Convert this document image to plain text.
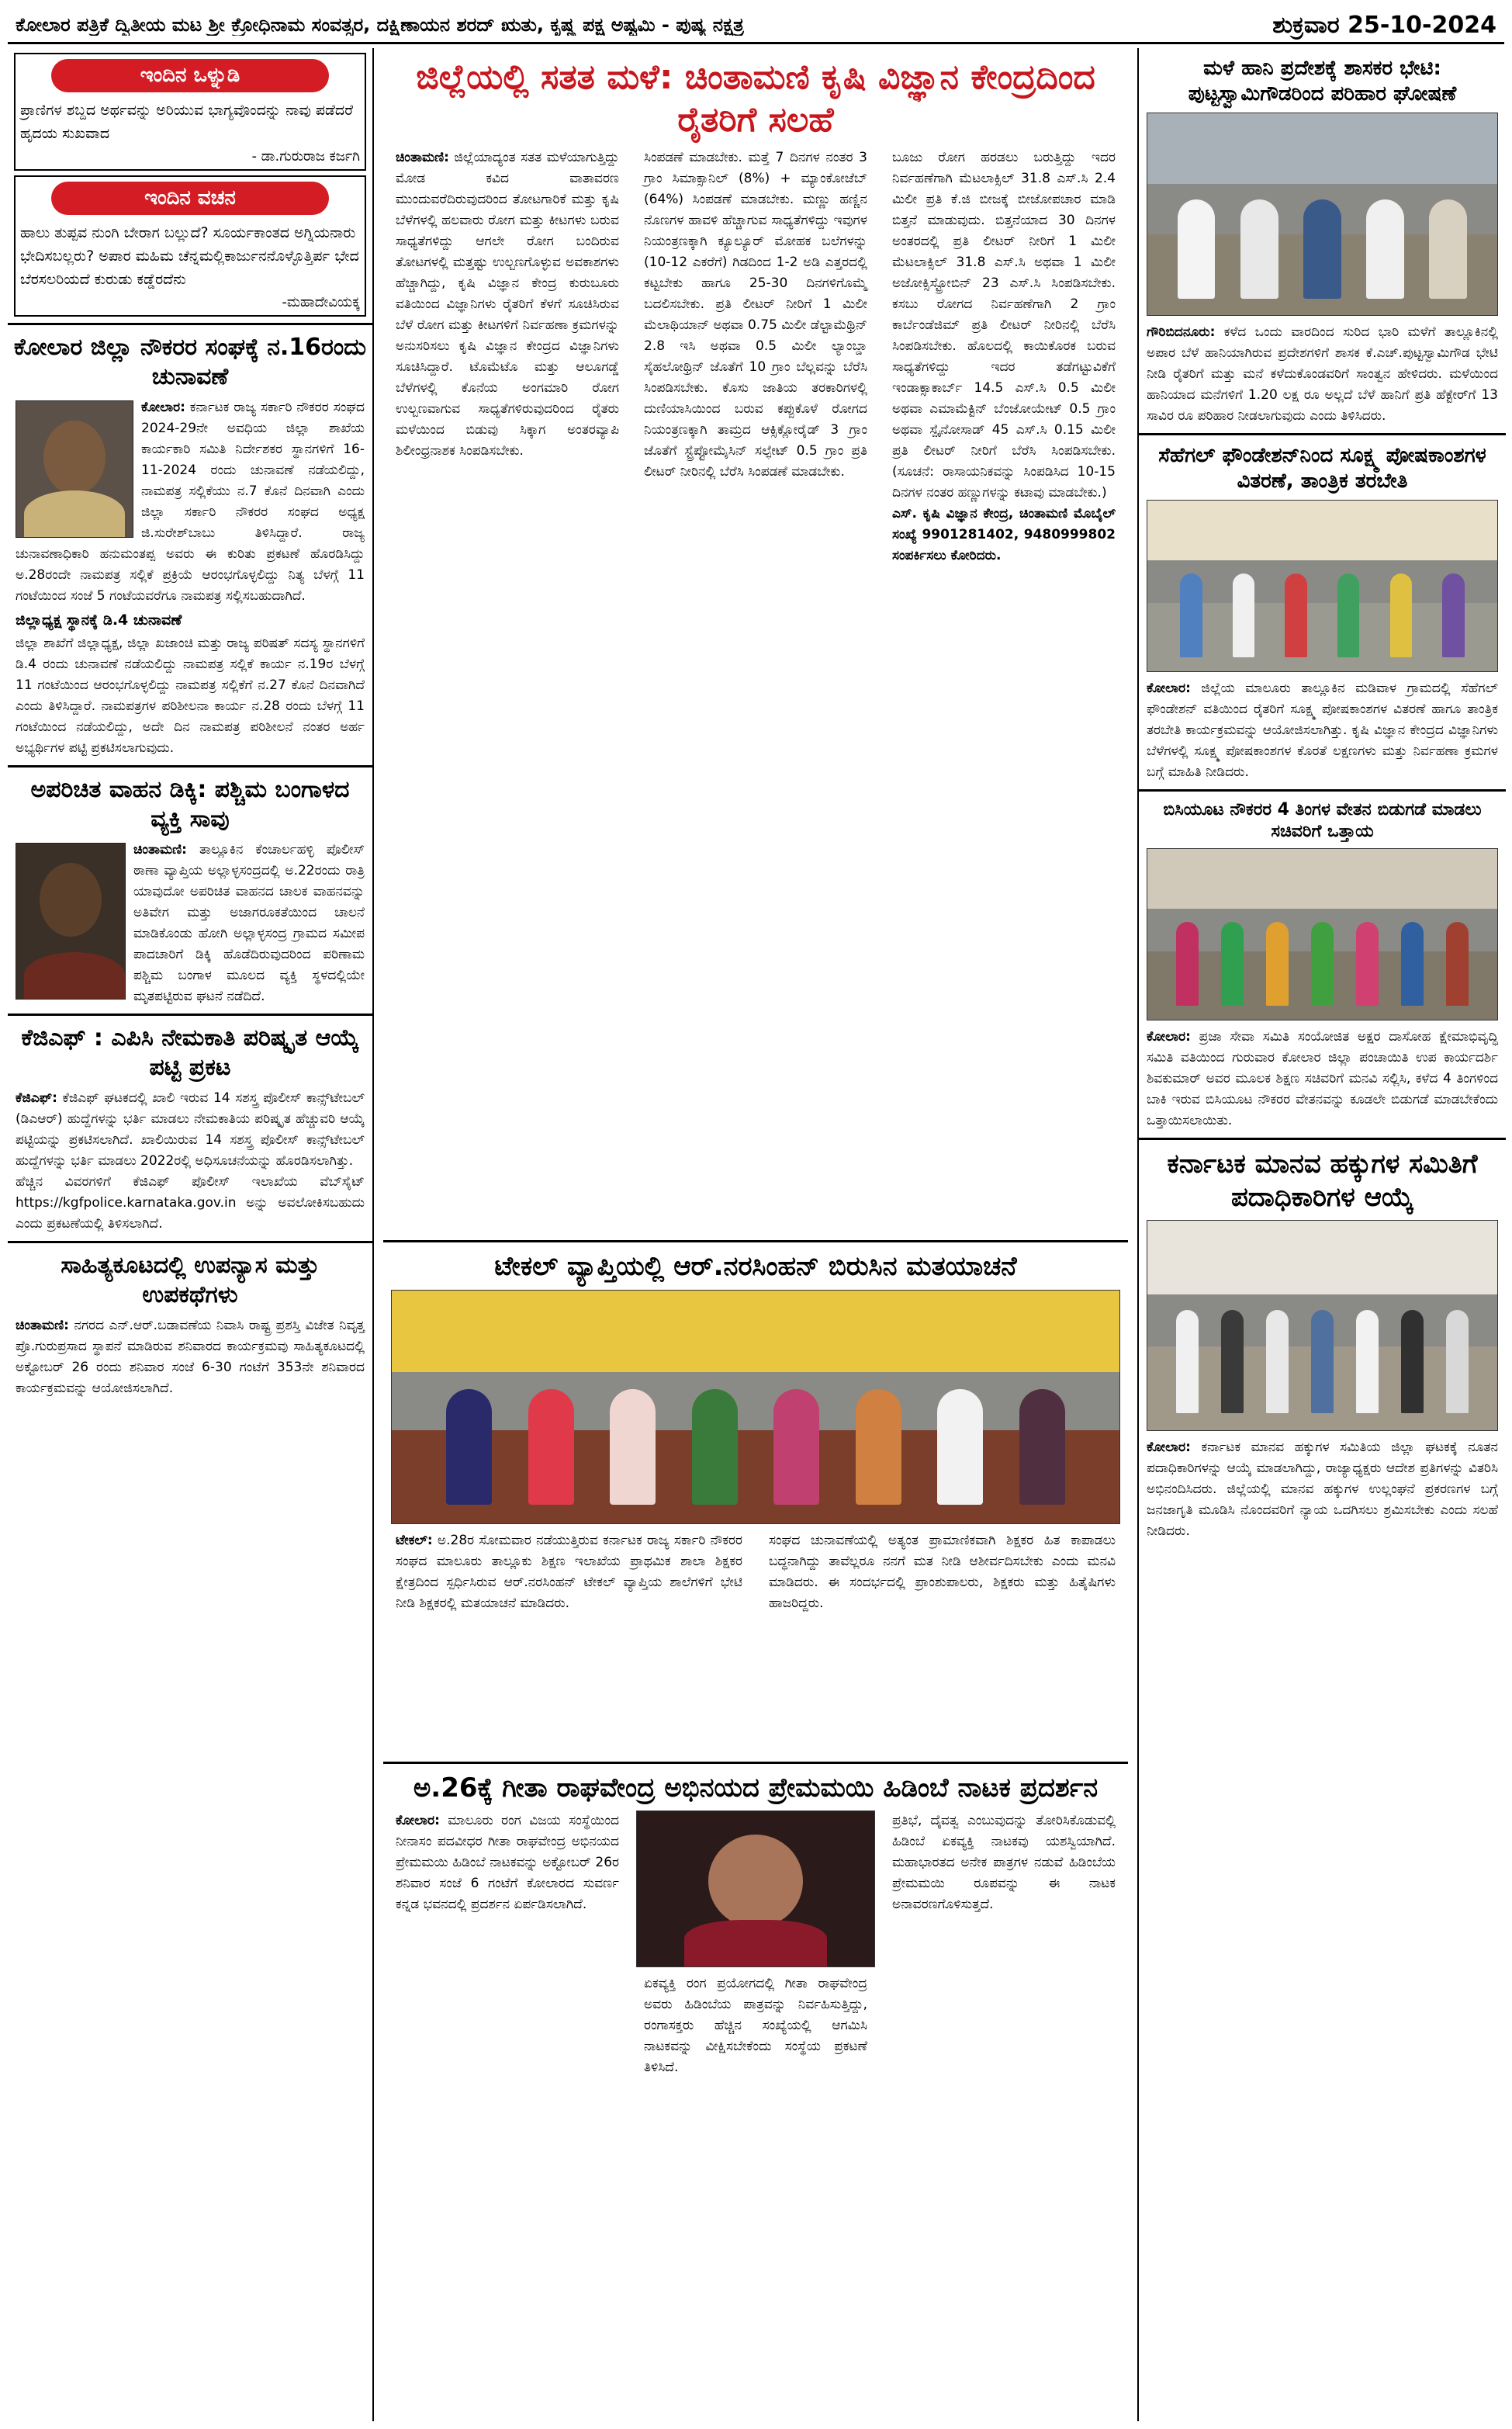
ಕೋಲಾರ ಪತ್ರಿಕೆ ದ್ವಿತೀಯ ಮಟ ಶ್ರೀ ಕ್ರೋಧಿನಾಮ ಸಂವತ್ಸರ, ದಕ್ಷಿಣಾಯನ ಶರದ್ ಋತು, ಕೃಷ್ಣ ಪಕ್ಷ ಅಷ್ಟಮಿ - ಪುಷ್ಯ ನಕ್ಷತ್ರ	ಶುಕ್ರವಾರ 25-10-2024
ಇಂದಿನ ಒಳ್ನುಡಿ
ಪ್ರಾಣಿಗಳ ಶಬ್ದದ ಅರ್ಥವನ್ನು ಅರಿಯುವ ಭಾಗ್ಯವೊಂದನ್ನು ನಾವು ಪಡೆದರೆ ಹೃದಯ ಸುಖವಾದ
- ಡಾ.ಗುರುರಾಜ ಕರ್ಜಗಿ
ಇಂದಿನ ವಚನ
ಹಾಲು ತುಪ್ಪವ ನುಂಗಿ ಬೇರಾಗ ಬಲ್ಲುದೆ? ಸೂರ್ಯಕಾಂತದ ಅಗ್ನಿಯನಾರು ಭೇದಿಸಬಲ್ಲರು? ಅಪಾರ ಮಹಿಮ ಚೆನ್ನಮಲ್ಲಿಕಾರ್ಜುನನೊಳ್ಳೊತ್ತಿರ್ಪ ಭೇದ ಬೆರಸಲರಿಯದೆ ಕುರುಡು ಕಡ್ಡೆರದೆನು
-ಮಹಾದೇವಿಯಕ್ಕ
ಕೋಲಾರ ಜಿಲ್ಲಾ ನೌಕರರ ಸಂಘಕ್ಕೆ ನ.16ರಂದು ಚುನಾವಣೆ

ಕೋಲಾರ: ಕರ್ನಾಟಕ ರಾಜ್ಯ ಸರ್ಕಾರಿ ನೌಕರರ ಸಂಘದ 2024-29ನೇ ಅವಧಿಯ ಜಿಲ್ಲಾ ಶಾಖೆಯ ಕಾರ್ಯಕಾರಿ ಸಮಿತಿ ನಿರ್ದೇಶಕರ ಸ್ಥಾನಗಳಿಗೆ 16-11-2024 ರಂದು ಚುನಾವಣೆ ನಡೆಯಲಿದ್ದು, ನಾಮಪತ್ರ ಸಲ್ಲಿಕೆಯು ನ.7 ಕೊನೆ ದಿನವಾಗಿ ಎಂದು ಜಿಲ್ಲಾ ಸರ್ಕಾರಿ ನೌಕರರ ಸಂಘದ ಅಧ್ಯಕ್ಷ ಜಿ.ಸುರೇಶ್‌ಬಾಬು ತಿಳಿಸಿದ್ದಾರೆ. ರಾಜ್ಯ ಚುನಾವಣಾಧಿಕಾರಿ ಹನುಮಂತಪ್ಪ ಅವರು ಈ ಕುರಿತು ಪ್ರಕಟಣೆ ಹೊರಡಿಸಿದ್ದು ಅ.28ರಂದೇ ನಾಮಪತ್ರ ಸಲ್ಲಿಕೆ ಪ್ರಕ್ರಿಯೆ ಆರಂಭಗೊಳ್ಳಲಿದ್ದು ನಿತ್ಯ ಬೆಳಗ್ಗೆ 11 ಗಂಟೆಯಿಂದ ಸಂಜೆ 5 ಗಂಟೆಯವರೆಗೂ ನಾಮಪತ್ರ ಸಲ್ಲಿಸಬಹುದಾಗಿದೆ.

ಜಿಲ್ಲಾಧ್ಯಕ್ಷ ಸ್ಥಾನಕ್ಕೆ ಡಿ.4 ಚುನಾವಣೆ

ಜಿಲ್ಲಾ ಶಾಖೆಗೆ ಜಿಲ್ಲಾಧ್ಯಕ್ಷ, ಜಿಲ್ಲಾ ಖಜಾಂಚಿ ಮತ್ತು ರಾಜ್ಯ ಪರಿಷತ್ ಸದಸ್ಯ ಸ್ಥಾನಗಳಿಗೆ ಡಿ.4 ರಂದು ಚುನಾವಣೆ ನಡೆಯಲಿದ್ದು ನಾಮಪತ್ರ ಸಲ್ಲಿಕೆ ಕಾರ್ಯ ನ.19ರ ಬೆಳಗ್ಗೆ 11 ಗಂಟೆಯಿಂದ ಆರಂಭಗೊಳ್ಳಲಿದ್ದು ನಾಮಪತ್ರ ಸಲ್ಲಿಕೆಗೆ ನ.27 ಕೊನೆ ದಿನವಾಗಿದೆ ಎಂದು ತಿಳಿಸಿದ್ದಾರೆ. ನಾಮಪತ್ರಗಳ ಪರಿಶೀಲನಾ ಕಾರ್ಯ ನ.28 ರಂದು ಬೆಳಗ್ಗೆ 11 ಗಂಟೆಯಿಂದ ನಡೆಯಲಿದ್ದು, ಅದೇ ದಿನ ನಾಮಪತ್ರ ಪರಿಶೀಲನೆ ನಂತರ ಅರ್ಹ ಅಭ್ಯರ್ಥಿಗಳ ಪಟ್ಟಿ ಪ್ರಕಟಿಸಲಾಗುವುದು.

ಅಪರಿಚಿತ ವಾಹನ ಡಿಕ್ಕಿ: ಪಶ್ಚಿಮ ಬಂಗಾಳದ ವ್ಯಕ್ತಿ ಸಾವು

ಚಿಂತಾಮಣಿ: ತಾಲ್ಲೂಕಿನ ಕೆಂಚಾರ್ಲಹಳ್ಳಿ ಪೊಲೀಸ್ ಠಾಣಾ ವ್ಯಾಪ್ತಿಯ ಅಲ್ಲಾಳ್ಳಸಂದ್ರದಲ್ಲಿ ಅ.22ರಂದು ರಾತ್ರಿ ಯಾವುದೋ ಅಪರಿಚಿತ ವಾಹನದ ಚಾಲಕ ವಾಹನವನ್ನು ಅತಿವೇಗ ಮತ್ತು ಅಜಾಗರೂಕತೆಯಿಂದ ಚಾಲನೆ ಮಾಡಿಕೊಂಡು ಹೋಗಿ ಅಲ್ಲಾಳ್ಳಸಂದ್ರ ಗ್ರಾಮದ ಸಮೀಪ ಪಾದಚಾರಿಗೆ ಡಿಕ್ಕಿ ಹೊಡೆದಿರುವುದರಿಂದ ಪರಿಣಾಮ ಪಶ್ಚಿಮ ಬಂಗಾಳ ಮೂಲದ ವ್ಯಕ್ತಿ ಸ್ಥಳದಲ್ಲಿಯೇ ಮೃತಪಟ್ಟಿರುವ ಘಟನೆ ನಡೆದಿದೆ.

ಕೆಜಿಎಫ್ : ಎಪಿಸಿ ನೇಮಕಾತಿ ಪರಿಷ್ಕೃತ ಆಯ್ಕೆ ಪಟ್ಟಿ ಪ್ರಕಟ

ಕೆಜಿಎಫ್: ಕೆಜಿಎಫ್ ಘಟಕದಲ್ಲಿ ಖಾಲಿ ಇರುವ 14 ಸಶಸ್ತ್ರ ಪೊಲೀಸ್ ಕಾನ್ಸ್‌ಟೇಬಲ್ (ಡಿಎಆರ್) ಹುದ್ದೆಗಳನ್ನು ಭರ್ತಿ ಮಾಡಲು ನೇಮಕಾತಿಯ ಪರಿಷ್ಕೃತ ಹೆಚ್ಚುವರಿ ಆಯ್ಕೆ ಪಟ್ಟಿಯನ್ನು ಪ್ರಕಟಿಸಲಾಗಿದೆ. ಖಾಲಿಯಿರುವ 14 ಸಶಸ್ತ್ರ ಪೊಲೀಸ್ ಕಾನ್ಸ್‌ಟೇಬಲ್ ಹುದ್ದೆಗಳನ್ನು ಭರ್ತಿ ಮಾಡಲು 2022ರಲ್ಲಿ ಅಧಿಸೂಚನೆಯನ್ನು ಹೊರಡಿಸಲಾಗಿತ್ತು.

ಹೆಚ್ಚಿನ ವಿವರಗಳಿಗೆ ಕೆಜಿಎಫ್ ಪೊಲೀಸ್ ಇಲಾಖೆಯ ವೆಬ್‌ಸೈಟ್ https://kgfpolice.karnataka.gov.in ಅನ್ನು ಅವಲೋಕಿಸಬಹುದು ಎಂದು ಪ್ರಕಟಣೆಯಲ್ಲಿ ತಿಳಿಸಲಾಗಿದೆ.

ಸಾಹಿತ್ಯಕೂಟದಲ್ಲಿ ಉಪನ್ಯಾಸ ಮತ್ತು ಉಪಕಥೆಗಳು

ಚಿಂತಾಮಣಿ: ನಗರದ ಎನ್.ಆರ್.ಬಡಾವಣೆಯ ನಿವಾಸಿ ರಾಷ್ಟ್ರ ಪ್ರಶಸ್ತಿ ವಿಜೇತ ನಿವೃತ್ತ ಪ್ರೊ.ಗುರುಪ್ರಸಾದ ಸ್ಥಾಪನೆ ಮಾಡಿರುವ ಶನಿವಾರದ ಕಾರ್ಯಕ್ರಮವು ಸಾಹಿತ್ಯಕೂಟದಲ್ಲಿ ಅಕ್ಟೋಬರ್ 26 ರಂದು ಶನಿವಾರ ಸಂಜೆ 6-30 ಗಂಟೆಗೆ 353ನೇ ಶನಿವಾರದ ಕಾರ್ಯಕ್ರಮವನ್ನು ಆಯೋಜಿಸಲಾಗಿದೆ.

ಜಿಲ್ಲೆಯಲ್ಲಿ ಸತತ ಮಳೆ: ಚಿಂತಾಮಣಿ ಕೃಷಿ ವಿಜ್ಞಾನ ಕೇಂದ್ರದಿಂದ ರೈತರಿಗೆ ಸಲಹೆ

ಚಿಂತಾಮಣಿ: ಜಿಲ್ಲೆಯಾದ್ಯಂತ ಸತತ ಮಳೆಯಾಗುತ್ತಿದ್ದು ಮೋಡ ಕವಿದ ವಾತಾವರಣ ಮುಂದುವರೆದಿರುವುದರಿಂದ ತೋಟಗಾರಿಕೆ ಮತ್ತು ಕೃಷಿ ಬೆಳೆಗಳಲ್ಲಿ ಹಲವಾರು ರೋಗ ಮತ್ತು ಕೀಟಗಳು ಬರುವ ಸಾಧ್ಯತೆಗಳಿದ್ದು ಆಗಲೇ ರೋಗ ಬಂದಿರುವ ತೋಟಗಳಲ್ಲಿ ಮತ್ತಷ್ಟು ಉಲ್ಬಣಗೊಳ್ಳುವ ಅವಕಾಶಗಳು ಹೆಚ್ಚಾಗಿದ್ದು, ಕೃಷಿ ವಿಜ್ಞಾನ ಕೇಂದ್ರ ಕುರುಬೂರು ವತಿಯಿಂದ ವಿಜ್ಞಾನಿಗಳು ರೈತರಿಗೆ ಕೆಳಗೆ ಸೂಚಿಸಿರುವ ಬೆಳೆ ರೋಗ ಮತ್ತು ಕೀಟಗಳಿಗೆ ನಿರ್ವಹಣಾ ಕ್ರಮಗಳನ್ನು ಅನುಸರಿಸಲು ಕೃಷಿ ವಿಜ್ಞಾನ ಕೇಂದ್ರದ ವಿಜ್ಞಾನಿಗಳು ಸೂಚಿಸಿದ್ದಾರೆ. ಟೊಮೆಟೊ ಮತ್ತು ಆಲೂಗಡ್ಡೆ ಬೆಳೆಗಳಲ್ಲಿ ಕೊನೆಯ ಅಂಗಮಾರಿ ರೋಗ ಉಲ್ಬಣವಾಗುವ ಸಾಧ್ಯತೆಗಳಿರುವುದರಿಂದ ರೈತರು ಮಳೆಯಿಂದ ಬಿಡುವು ಸಿಕ್ಕಾಗ ಅಂತರವ್ಯಾಪಿ ಶಿಲೀಂಧ್ರನಾಶಕ ಸಿಂಪಡಿಸಬೇಕು.

ಸಿಂಪಡಣೆ ಮಾಡಬೇಕು. ಮತ್ತೆ 7 ದಿನಗಳ ನಂತರ 3 ಗ್ರಾಂ ಸಿಮಾಕ್ಸಾನಿಲ್ (8%) + ಮ್ಯಾಂಕೋಜೆಬ್ (64%) ಸಿಂಪಡಣೆ ಮಾಡಬೇಕು. ಮಣ್ಣು ಹಣ್ಣಿನ ನೊಣಗಳ ಹಾವಳಿ ಹೆಚ್ಚಾಗುವ ಸಾಧ್ಯತೆಗಳಿದ್ದು ಇವುಗಳ ನಿಯಂತ್ರಣಕ್ಕಾಗಿ ಕ್ಯೂಲ್ಯೂರ್ ಮೋಹಕ ಬಲೆಗಳನ್ನು (10-12 ಎಕರೆಗೆ) ಗಿಡದಿಂದ 1-2 ಅಡಿ ಎತ್ತರದಲ್ಲಿ ಕಟ್ಟಬೇಕು ಹಾಗೂ 25-30 ದಿನಗಳಿಗೊಮ್ಮೆ ಬದಲಿಸಬೇಕು. ಪ್ರತಿ ಲೀಟರ್ ನೀರಿಗೆ 1 ಮಿಲೀ ಮೆಲಾಥಿಯಾನ್ ಅಥವಾ 0.75 ಮಿಲೀ ಡೆಲ್ಟಾಮೆಥ್ರಿನ್ 2.8 ಇಸಿ ಅಥವಾ 0.5 ಮಿಲೀ ಲ್ಯಾಂಬ್ಡಾ ಸೈಹಲೋಥ್ರಿನ್ ಜೊತೆಗೆ 10 ಗ್ರಾಂ ಬೆಲ್ಲವನ್ನು ಬೆರೆಸಿ ಸಿಂಪಡಿಸಬೇಕು. ಕೊಸು ಜಾತಿಯ ತರಕಾರಿಗಳಲ್ಲಿ ದುಣಿಯಾಸಿಯಿಂದ ಬರುವ ಕಪ್ಪುಕೊಳೆ ರೋಗದ ನಿಯಂತ್ರಣಕ್ಕಾಗಿ ತಾಮ್ರದ ಆಕ್ಸಿಕ್ಲೋರೈಡ್ 3 ಗ್ರಾಂ ಜೊತೆಗೆ ಸ್ಟ್ರೆಪ್ಟೋಮೈಸಿನ್ ಸಲ್ಫೇಟ್ 0.5 ಗ್ರಾಂ ಪ್ರತಿ ಲೀಟರ್ ನೀರಿನಲ್ಲಿ ಬೆರೆಸಿ ಸಿಂಪಡಣೆ ಮಾಡಬೇಕು.

ಬೂಜು ರೋಗ ಹರಡಲು ಬರುತ್ತಿದ್ದು ಇದರ ನಿರ್ವಹಣೆಗಾಗಿ ಮೆಟಲಾಕ್ಸಿಲ್ 31.8 ಎಸ್.ಸಿ 2.4 ಮಿಲೀ ಪ್ರತಿ ಕೆ.ಜಿ ಬೀಜಕ್ಕೆ ಬೀಜೋಪಚಾರ ಮಾಡಿ ಬಿತ್ತನೆ ಮಾಡುವುದು. ಬಿತ್ತನೆಯಾದ 30 ದಿನಗಳ ಅಂತರದಲ್ಲಿ ಪ್ರತಿ ಲೀಟರ್ ನೀರಿಗೆ 1 ಮಿಲೀ ಮೆಟಲಾಕ್ಸಿಲ್ 31.8 ಎಸ್.ಸಿ ಅಥವಾ 1 ಮಿಲೀ ಅಜೋಕ್ಸಿಸ್ಟ್ರೋಬಿನ್ 23 ಎಸ್.ಸಿ ಸಿಂಪಡಿಸಬೇಕು. ಕಸಬು ರೋಗದ ನಿರ್ವಹಣೆಗಾಗಿ 2 ಗ್ರಾಂ ಕಾರ್ಬೆಂಡೆಜಿಮ್ ಪ್ರತಿ ಲೀಟರ್ ನೀರಿನಲ್ಲಿ ಬೆರೆಸಿ ಸಿಂಪಡಿಸಬೇಕು. ಹೊಲದಲ್ಲಿ ಕಾಯಿಕೊರಕ ಬರುವ ಸಾಧ್ಯತೆಗಳಿದ್ದು ಇದರ ತಡೆಗಟ್ಟುವಿಕೆಗೆ ಇಂಡಾಕ್ಸಾಕಾರ್ಬ್ 14.5 ಎಸ್.ಸಿ 0.5 ಮಿಲೀ ಅಥವಾ ಎಮಾಮೆಕ್ಟಿನ್ ಬೆಂಜೋಯೇಟ್ 0.5 ಗ್ರಾಂ ಅಥವಾ ಸ್ಪೈನೋಸಾಡ್ 45 ಎಸ್.ಸಿ 0.15 ಮಿಲೀ ಪ್ರತಿ ಲೀಟರ್ ನೀರಿಗೆ ಬೆರೆಸಿ ಸಿಂಪಡಿಸಬೇಕು. (ಸೂಚನೆ: ರಾಸಾಯನಿಕವನ್ನು ಸಿಂಪಡಿಸಿದ 10-15 ದಿನಗಳ ನಂತರ ಹಣ್ಣುಗಳನ್ನು ಕಟಾವು ಮಾಡಬೇಕು.)

ಎಸ್. ಕೃಷಿ ವಿಜ್ಞಾನ ಕೇಂದ್ರ, ಚಿಂತಾಮಣಿ ಮೊಬೈಲ್ ಸಂಖ್ಯೆ 9901281402, 9480999802 ಸಂಪರ್ಕಿಸಲು ಕೋರಿದರು.

ಟೇಕಲ್ ವ್ಯಾಪ್ತಿಯಲ್ಲಿ ಆರ್.ನರಸಿಂಹನ್ ಬಿರುಸಿನ ಮತಯಾಚನೆ

ಟೇಕಲ್: ಅ.28ರ ಸೋಮವಾರ ನಡೆಯುತ್ತಿರುವ ಕರ್ನಾಟಕ ರಾಜ್ಯ ಸರ್ಕಾರಿ ನೌಕರರ ಸಂಘದ ಮಾಲೂರು ತಾಲ್ಲೂಕು ಶಿಕ್ಷಣ ಇಲಾಖೆಯ ಪ್ರಾಥಮಿಕ ಶಾಲಾ ಶಿಕ್ಷಕರ ಕ್ಷೇತ್ರದಿಂದ ಸ್ಪರ್ಧಿಸಿರುವ ಆರ್.ನರಸಿಂಹನ್ ಟೇಕಲ್ ವ್ಯಾಪ್ತಿಯ ಶಾಲೆಗಳಿಗೆ ಭೇಟಿ ನೀಡಿ ಶಿಕ್ಷಕರಲ್ಲಿ ಮತಯಾಚನೆ ಮಾಡಿದರು.

ಸಂಘದ ಚುನಾವಣೆಯಲ್ಲಿ ಅತ್ಯಂತ ಪ್ರಾಮಾಣಿಕವಾಗಿ ಶಿಕ್ಷಕರ ಹಿತ ಕಾಪಾಡಲು ಬದ್ಧನಾಗಿದ್ದು ತಾವೆಲ್ಲರೂ ನನಗೆ ಮತ ನೀಡಿ ಆಶೀರ್ವದಿಸಬೇಕು ಎಂದು ಮನವಿ ಮಾಡಿದರು. ಈ ಸಂದರ್ಭದಲ್ಲಿ ಪ್ರಾಂಶುಪಾಲರು, ಶಿಕ್ಷಕರು ಮತ್ತು ಹಿತೈಷಿಗಳು ಹಾಜರಿದ್ದರು.

ಅ.26ಕ್ಕೆ ಗೀತಾ ರಾಘವೇಂದ್ರ ಅಭಿನಯದ ಪ್ರೇಮಮಯಿ ಹಿಡಿಂಬೆ ನಾಟಕ ಪ್ರದರ್ಶನ

ಕೋಲಾರ: ಮಾಲೂರು ರಂಗ ವಿಜಯ ಸಂಸ್ಥೆಯಿಂದ ನೀನಾಸಂ ಪದವೀಧರ ಗೀತಾ ರಾಘವೇಂದ್ರ ಅಭಿನಯದ ಪ್ರೇಮಮಯಿ ಹಿಡಿಂಬೆ ನಾಟಕವನ್ನು ಅಕ್ಟೋಬರ್ 26ರ ಶನಿವಾರ ಸಂಜೆ 6 ಗಂಟೆಗೆ ಕೋಲಾರದ ಸುವರ್ಣ ಕನ್ನಡ ಭವನದಲ್ಲಿ ಪ್ರದರ್ಶನ ಏರ್ಪಡಿಸಲಾಗಿದೆ.

ಏಕವ್ಯಕ್ತಿ ರಂಗ ಪ್ರಯೋಗದಲ್ಲಿ ಗೀತಾ ರಾಘವೇಂದ್ರ ಅವರು ಹಿಡಿಂಬೆಯ ಪಾತ್ರವನ್ನು ನಿರ್ವಹಿಸುತ್ತಿದ್ದು, ರಂಗಾಸಕ್ತರು ಹೆಚ್ಚಿನ ಸಂಖ್ಯೆಯಲ್ಲಿ ಆಗಮಿಸಿ ನಾಟಕವನ್ನು ವೀಕ್ಷಿಸಬೇಕೆಂದು ಸಂಸ್ಥೆಯ ಪ್ರಕಟಣೆ ತಿಳಿಸಿದೆ.

ಪ್ರತಿಭೆ, ದೈವತ್ವ ಎಂಬುವುದನ್ನು ತೋರಿಸಿಕೊಡುವಲ್ಲಿ ಹಿಡಿಂಬೆ ಏಕವ್ಯಕ್ತಿ ನಾಟಕವು ಯಶಸ್ವಿಯಾಗಿದೆ. ಮಹಾಭಾರತದ ಅನೇಕ ಪಾತ್ರಗಳ ನಡುವೆ ಹಿಡಿಂಬೆಯ ಪ್ರೇಮಮಯಿ ರೂಪವನ್ನು ಈ ನಾಟಕ ಅನಾವರಣಗೊಳಿಸುತ್ತದೆ.

ಮಳೆ ಹಾನಿ ಪ್ರದೇಶಕ್ಕೆ ಶಾಸಕರ ಭೇಟಿ: ಪುಟ್ಟಸ್ವಾಮಿಗೌಡರಿಂದ ಪರಿಹಾರ ಘೋಷಣೆ

ಗೌರಿಬಿದನೂರು: ಕಳೆದ ಒಂದು ವಾರದಿಂದ ಸುರಿದ ಭಾರಿ ಮಳೆಗೆ ತಾಲ್ಲೂಕಿನಲ್ಲಿ ಅಪಾರ ಬೆಳೆ ಹಾನಿಯಾಗಿರುವ ಪ್ರದೇಶಗಳಿಗೆ ಶಾಸಕ ಕೆ.ಎಚ್.ಪುಟ್ಟಸ್ವಾಮಿಗೌಡ ಭೇಟಿ ನೀಡಿ ರೈತರಿಗೆ ಮತ್ತು ಮನೆ ಕಳೆದುಕೊಂಡವರಿಗೆ ಸಾಂತ್ವನ ಹೇಳಿದರು. ಮಳೆಯಿಂದ ಹಾನಿಯಾದ ಮನೆಗಳಿಗೆ 1.20 ಲಕ್ಷ ರೂ ಅಲ್ಲದೆ ಬೆಳೆ ಹಾನಿಗೆ ಪ್ರತಿ ಹೆಕ್ಟೇರ್‌ಗೆ 13 ಸಾವಿರ ರೂ ಪರಿಹಾರ ನೀಡಲಾಗುವುದು ಎಂದು ತಿಳಿಸಿದರು.

ಸೆಹೆಗಲ್ ಫೌಂಡೇಶನ್‌ನಿಂದ ಸೂಕ್ಷ್ಮ ಪೋಷಕಾಂಶಗಳ ವಿತರಣೆ, ತಾಂತ್ರಿಕ ತರಬೇತಿ

ಕೋಲಾರ: ಜಿಲ್ಲೆಯ ಮಾಲೂರು ತಾಲ್ಲೂಕಿನ ಮಡಿವಾಳ ಗ್ರಾಮದಲ್ಲಿ ಸೆಹೆಗಲ್ ಫೌಂಡೇಶನ್ ವತಿಯಿಂದ ರೈತರಿಗೆ ಸೂಕ್ಷ್ಮ ಪೋಷಕಾಂಶಗಳ ವಿತರಣೆ ಹಾಗೂ ತಾಂತ್ರಿಕ ತರಬೇತಿ ಕಾರ್ಯಕ್ರಮವನ್ನು ಆಯೋಜಿಸಲಾಗಿತ್ತು. ಕೃಷಿ ವಿಜ್ಞಾನ ಕೇಂದ್ರದ ವಿಜ್ಞಾನಿಗಳು ಬೆಳೆಗಳಲ್ಲಿ ಸೂಕ್ಷ್ಮ ಪೋಷಕಾಂಶಗಳ ಕೊರತೆ ಲಕ್ಷಣಗಳು ಮತ್ತು ನಿರ್ವಹಣಾ ಕ್ರಮಗಳ ಬಗ್ಗೆ ಮಾಹಿತಿ ನೀಡಿದರು.

ಬಿಸಿಯೂಟ ನೌಕರರ 4 ತಿಂಗಳ ವೇತನ ಬಿಡುಗಡೆ ಮಾಡಲು ಸಚಿವರಿಗೆ ಒತ್ತಾಯ

ಕೋಲಾರ: ಪ್ರಜಾ ಸೇವಾ ಸಮಿತಿ ಸಂಯೋಜಿತ ಅಕ್ಷರ ದಾಸೋಹ ಕ್ಷೇಮಾಭಿವೃದ್ಧಿ ಸಮಿತಿ ವತಿಯಿಂದ ಗುರುವಾರ ಕೋಲಾರ ಜಿಲ್ಲಾ ಪಂಚಾಯಿತಿ ಉಪ ಕಾರ್ಯದರ್ಶಿ ಶಿವಕುಮಾರ್ ಅವರ ಮೂಲಕ ಶಿಕ್ಷಣ ಸಚಿವರಿಗೆ ಮನವಿ ಸಲ್ಲಿಸಿ, ಕಳೆದ 4 ತಿಂಗಳಿಂದ ಬಾಕಿ ಇರುವ ಬಿಸಿಯೂಟ ನೌಕರರ ವೇತನವನ್ನು ಕೂಡಲೇ ಬಿಡುಗಡೆ ಮಾಡಬೇಕೆಂದು ಒತ್ತಾಯಿಸಲಾಯಿತು.

ಕರ್ನಾಟಕ ಮಾನವ ಹಕ್ಕುಗಳ ಸಮಿತಿಗೆ ಪದಾಧಿಕಾರಿಗಳ ಆಯ್ಕೆ

ಕೋಲಾರ: ಕರ್ನಾಟಕ ಮಾನವ ಹಕ್ಕುಗಳ ಸಮಿತಿಯ ಜಿಲ್ಲಾ ಘಟಕಕ್ಕೆ ನೂತನ ಪದಾಧಿಕಾರಿಗಳನ್ನು ಆಯ್ಕೆ ಮಾಡಲಾಗಿದ್ದು, ರಾಜ್ಯಾಧ್ಯಕ್ಷರು ಆದೇಶ ಪ್ರತಿಗಳನ್ನು ವಿತರಿಸಿ ಅಭಿನಂದಿಸಿದರು. ಜಿಲ್ಲೆಯಲ್ಲಿ ಮಾನವ ಹಕ್ಕುಗಳ ಉಲ್ಲಂಘನೆ ಪ್ರಕರಣಗಳ ಬಗ್ಗೆ ಜನಜಾಗೃತಿ ಮೂಡಿಸಿ ನೊಂದವರಿಗೆ ನ್ಯಾಯ ಒದಗಿಸಲು ಶ್ರಮಿಸಬೇಕು ಎಂದು ಸಲಹೆ ನೀಡಿದರು.
